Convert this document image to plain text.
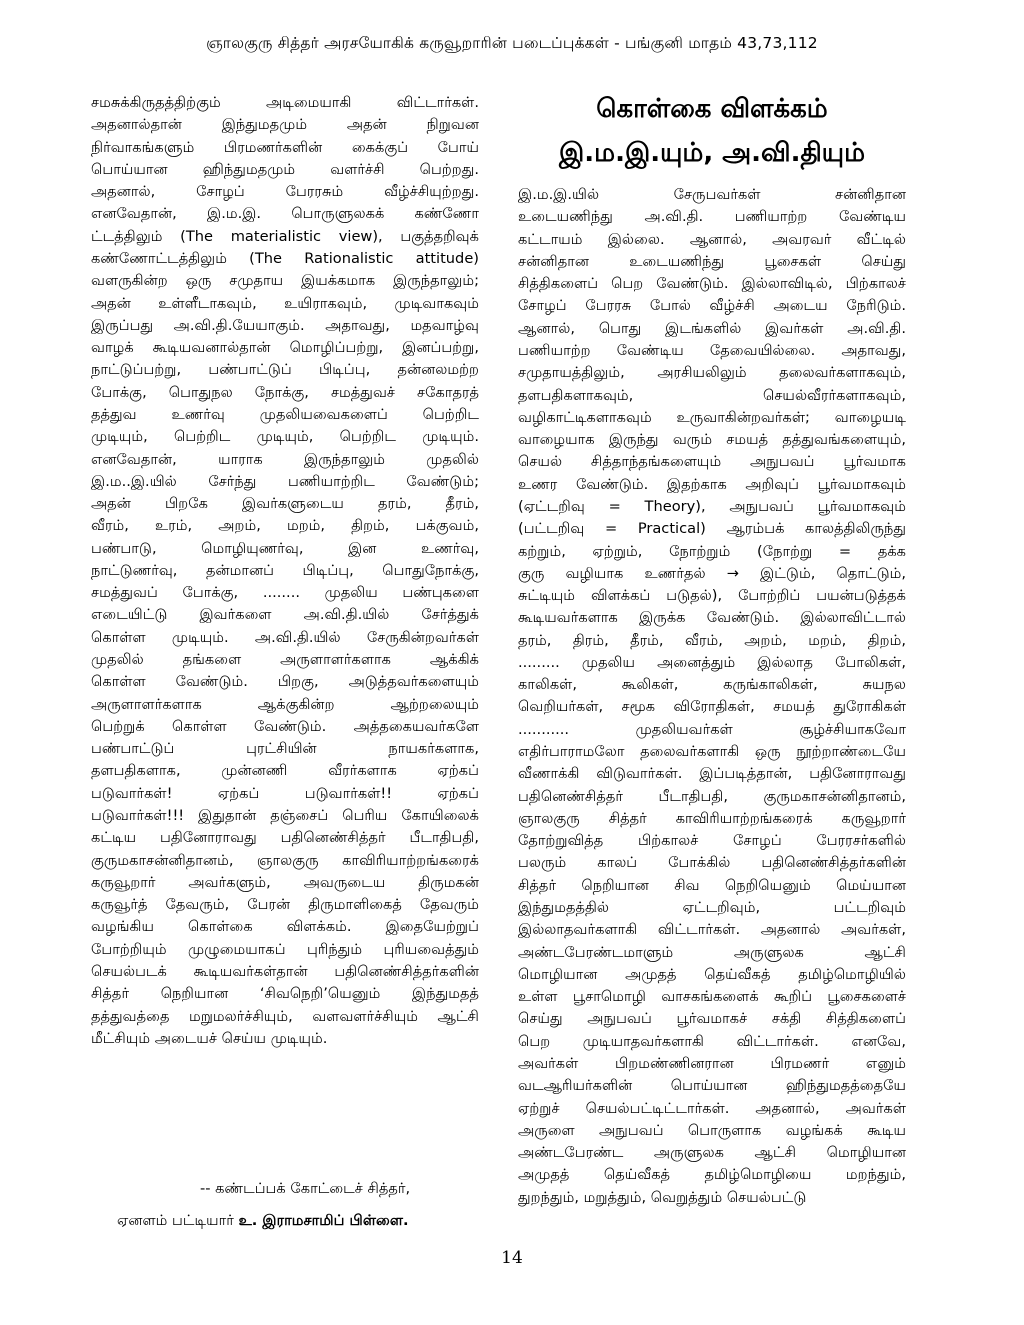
ஞாலகுரு சித்தர் அரசயோகிக் கருவூறாரின் படைப்புக்கள் - பங்குனி மாதம் 43,73,112

சமசுக்கிருதத்திற்கும் அடிமையாகி விட்டார்கள்.

அதனால்தான் இந்துமதமும் அதன் நிறுவன

நிர்வாகங்களும் பிரமணர்களின் கைக்குப் போய்

பொய்யான ஹிந்துமதமும் வளர்ச்சி பெற்றது.

அதனால், சோழப் பேரரசும் வீழ்ச்சியுற்றது.

எனவேதான், இ.ம.இ. பொருளுலகக் கண்ணோ

ட்டத்திலும் (The materialistic view), பகுத்தறிவுக்

கண்ணோட்டத்திலும் (The Rationalistic attitude)

வளருகின்ற ஒரு சமுதாய இயக்கமாக இருந்தாலும்;

அதன் உள்ளீடாகவும், உயிராகவும், முடிவாகவும்

இருப்பது அ.வி.தி.யேயாகும். அதாவது, மதவாழ்வு

வாழக் கூடியவனால்தான் மொழிப்பற்று, இனப்பற்று,

நாட்டுப்பற்று, பண்பாட்டுப் பிடிப்பு, தன்னலமற்ற

போக்கு, பொதுநல நோக்கு, சமத்துவச் சகோதரத்

தத்துவ உணர்வு முதலியவைகளைப் பெற்றிட

முடியும், பெற்றிட முடியும், பெற்றிட முடியும்.

எனவேதான், யாராக இருந்தாலும் முதலில்

இ.ம..இ.யில் சேர்ந்து பணியாற்றிட வேண்டும்;

அதன் பிறகே இவர்களுடைய தரம், தீரம்,

வீரம், உரம், அறம், மறம், திறம், பக்குவம்,

பண்பாடு, மொழியுணர்வு, இன உணர்வு,

நாட்டுணர்வு, தன்மானப் பிடிப்பு, பொதுநோக்கு,

சமத்துவப் போக்கு, ........ முதலிய பண்புகளை

எடையிட்டு இவர்களை அ.வி.தி.யில் சேர்த்துக்

கொள்ள முடியும். அ.வி.தி.யில் சேருகின்றவர்கள்

முதலில் தங்களை அருளாளர்களாக ஆக்கிக்

கொள்ள வேண்டும். பிறகு, அடுத்தவர்களையும்

அருளாளர்களாக ஆக்குகின்ற ஆற்றலையும்

பெற்றுக் கொள்ள வேண்டும். அத்தகையவர்களே

பண்பாட்டுப் புரட்சியின் நாயகர்களாக,

தளபதிகளாக, முன்னணி வீரர்களாக ஏற்கப்

படுவார்கள்! ஏற்கப் படுவார்கள்!! ஏற்கப்

படுவார்கள்!!! இதுதான் தஞ்சைப் பெரிய கோயிலைக்

கட்டிய பதினோராவது பதினெண்சித்தர் பீடாதிபதி,

குருமகாசன்னிதானம், ஞாலகுரு காவிரியாற்றங்கரைக்

கருவூறார் அவர்களும், அவருடைய திருமகன்

கருவூர்த் தேவரும், பேரன் திருமாளிகைத் தேவரும்

வழங்கிய கொள்கை விளக்கம். இதையேற்றுப்

போற்றியும் முழுமையாகப் புரிந்தும் புரியவைத்தும்

செயல்படக் கூடியவர்கள்தான் பதினெண்சித்தர்களின்

சித்தர் நெறியான ‘சிவநெறி’யெனும் இந்துமதத்

தத்துவத்தை மறுமலர்ச்சியும், வளவளர்ச்சியும் ஆட்சி

மீட்சியும் அடையச் செய்ய முடியும்.

-- கண்டப்பக் கோட்டைச் சித்தர்,
ஏனளம் பட்டியார் உ. இராமசாமிப் பிள்ளை.
கொள்கை விளக்கம்
இ.ம.இ.யும், அ.வி.தியும்

இ.ம.இ.யில் சேருபவர்கள் சன்னிதான

உடையணிந்து அ.வி.தி. பணியாற்ற வேண்டிய

கட்டாயம் இல்லை. ஆனால், அவரவர் வீட்டில்

சன்னிதான உடையணிந்து பூசைகள் செய்து

சித்திகளைப் பெற வேண்டும். இல்லாவிடில், பிற்காலச்

சோழப் பேரரசு போல் வீழ்ச்சி அடைய நேரிடும்.

ஆனால், பொது இடங்களில் இவர்கள் அ.வி.தி.

பணியாற்ற வேண்டிய தேவையில்லை. அதாவது,

சமுதாயத்திலும், அரசியலிலும் தலைவர்களாகவும்,

தளபதிகளாகவும், செயல்வீரர்களாகவும்,

வழிகாட்டிகளாகவும் உருவாகின்றவர்கள்; வாழையடி

வாழையாக இருந்து வரும் சமயத் தத்துவங்களையும்,

செயல் சித்தாந்தங்களையும் அநுபவப் பூர்வமாக

உணர வேண்டும். இதற்காக அறிவுப் பூர்வமாகவும்

(ஏட்டறிவு = Theory), அநுபவப் பூர்வமாகவும்

(பட்டறிவு = Practical) ஆரம்பக் காலத்திலிருந்து

கற்றும், ஏற்றும், நோற்றும் (நோற்று = தக்க

குரு வழியாக உணர்தல் → இட்டும், தொட்டும்,

சுட்டியும் விளக்கப் படுதல்), போற்றிப் பயன்படுத்தக்

கூடியவர்களாக இருக்க வேண்டும். இல்லாவிட்டால்

தரம், திரம், தீரம், வீரம், அறம், மறம், திறம்,

......... முதலிய அனைத்தும் இல்லாத போலிகள்,

காலிகள், கூலிகள், கருங்காலிகள், சுயநல

வெறியர்கள், சமூக விரோதிகள், சமயத் துரோகிகள்

........... முதலியவர்கள் சூழ்ச்சியாகவோ

எதிர்பாராமலோ தலைவர்களாகி ஒரு நூற்றாண்டையே

வீணாக்கி விடுவார்கள். இப்படித்தான், பதினோராவது

பதினெண்சித்தர் பீடாதிபதி, குருமகாசன்னிதானம்,

ஞாலகுரு சித்தர் காவிரியாற்றங்கரைக் கருவூறார்

தோற்றுவித்த பிற்காலச் சோழப் பேரரசர்களில்

பலரும் காலப் போக்கில் பதினெண்சித்தர்களின்

சித்தர் நெறியான சிவ நெறியெனும் மெய்யான

இந்துமதத்தில் ஏட்டறிவும், பட்டறிவும்

இல்லாதவர்களாகி விட்டார்கள். அதனால் அவர்கள்,

அண்டபேரண்டமாளும் அருளுலக ஆட்சி

மொழியான அமுதத் தெய்வீகத் தமிழ்மொழியில்

உள்ள பூசாமொழி வாசகங்களைக் கூறிப் பூசைகளைச்

செய்து அநுபவப் பூர்வமாகச் சக்தி சித்திகளைப்

பெற முடியாதவர்களாகி விட்டார்கள். எனவே,

அவர்கள் பிறமண்ணினரான பிரமணர் எனும்

வடஆரியர்களின் பொய்யான ஹிந்துமதத்தையே

ஏற்றுச் செயல்பட்டிட்டார்கள். அதனால், அவர்கள்

அருளை அநுபவப் பொருளாக வழங்கக் கூடிய

அண்டபேரண்ட அருளுலக ஆட்சி மொழியான

அமுதத் தெய்வீகத் தமிழ்மொழியை மறந்தும்,

துறந்தும், மறுத்தும், வெறுத்தும் செயல்பட்டு

14
